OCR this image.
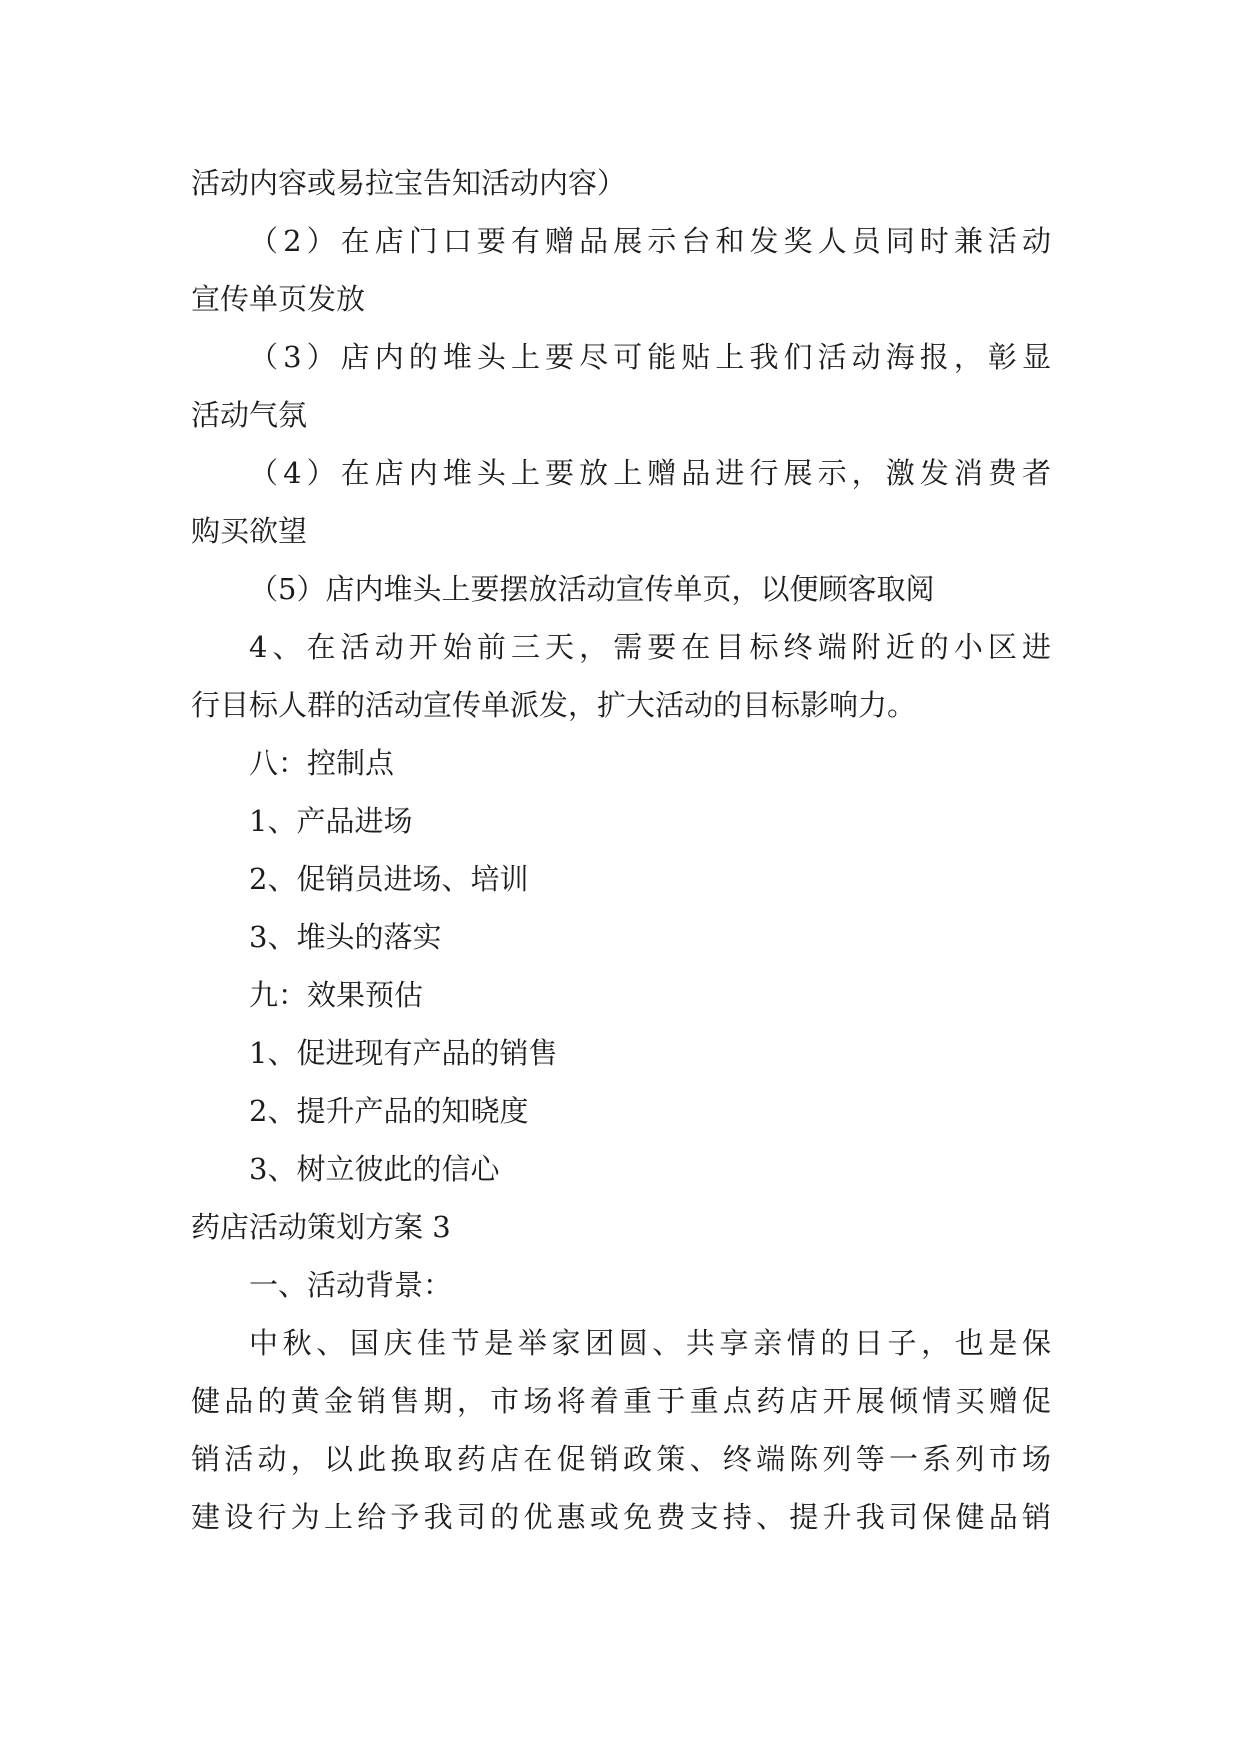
活动内容或易拉宝告知活动内容）

（2）在店门口要有赠品展示台和发奖人员同时兼活动

宣传单页发放

（3）店内的堆头上要尽可能贴上我们活动海报，彰显

活动气氛

（4）在店内堆头上要放上赠品进行展示，激发消费者

购买欲望

（5）店内堆头上要摆放活动宣传单页，以便顾客取阅

4、在活动开始前三天，需要在目标终端附近的小区进

行目标人群的活动宣传单派发，扩大活动的目标影响力。

八：控制点

1、产品进场

2、促销员进场、培训

3、堆头的落实

九：效果预估

1、促进现有产品的销售

2、提升产品的知晓度

3、树立彼此的信心

药店活动策划方案 3

一、活动背景：

中秋、国庆佳节是举家团圆、共享亲情的日子，也是保

健品的黄金销售期，市场将着重于重点药店开展倾情买赠促

销活动，以此换取药店在促销政策、终端陈列等一系列市场

建设行为上给予我司的优惠或免费支持、提升我司保健品销
